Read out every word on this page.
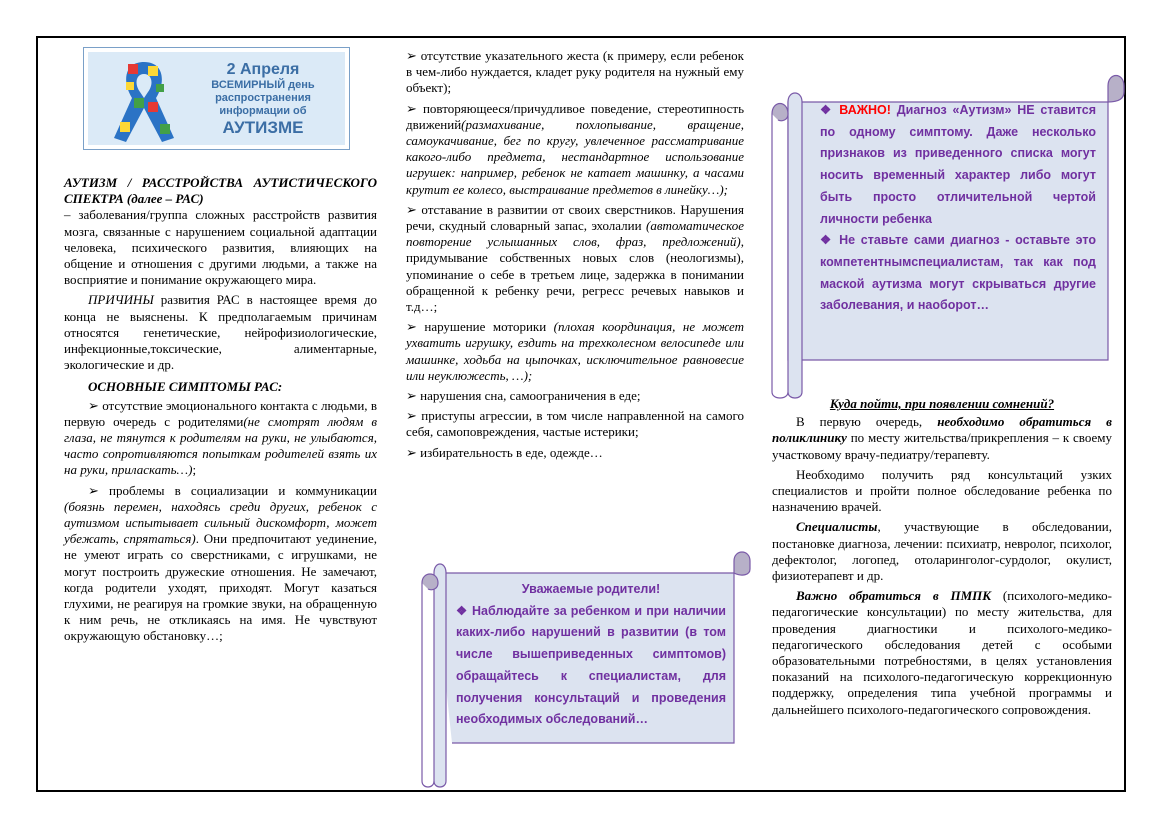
2 Апреля
ВСЕМИРНЫЙ день
распространения
информации об
АУТИЗМЕ

АУТИЗМ / РАССТРОЙСТВА АУТИСТИЧЕСКОГО СПЕКТРА (далее – РАС)– заболевания/группа сложных расстройств развития мозга, связанные с нарушением социальной адаптации человека, психического развития, влияющих на общение и отношения с другими людьми, а также на восприятие и понимание окружающего мира.

ПРИЧИНЫ развития РАС в настоящее время до конца не выяснены. К предполагаемым причинам относятся генетические, нейрофизиологические, инфекционные,токсические, алиментарные, экологические и др.

ОСНОВНЫЕ СИМПТОМЫ РАС:

➢ отсутствие эмоционального контакта с людьми, в первую очередь с родителями(не смотрят людям в глаза, не тянутся к родителям на руки, не улыбаются, часто сопротивляются попыткам родителей взять их на руки, приласкать…);

➢ проблемы в социализации и коммуникации (боязнь перемен, находясь среди других, ребенок с аутизмом испытывает сильный дискомфорт, может убежать, спрятаться). Они предпочитают уединение, не умеют играть со сверстниками, с игрушками, не могут построить дружеские отношения. Не замечают, когда родители уходят, приходят. Могут казаться глухими, не реагируя на громкие звуки, на обращенную к ним речь, не откликаясь на имя. Не чувствуют окружающую обстановку…;

➢ отсутствие указательного жеста (к примеру, если ребенок в чем-либо нуждается, кладет руку родителя на нужный ему объект);

➢ повторяющееся/причудливое поведение, стереотипность движений(размахивание, похлопывание, вращение, самоукачивание, бег по кругу, увлеченное рассматривание какого-либо предмета, нестандартное использование игрушек: например, ребенок не катает машинку, а часами крутит ее колесо, выстраивание предметов в линейку…);

➢ отставание в развитии от своих сверстников. Нарушения речи, скудный словарный запас, эхолалии (автоматическое повторение услышанных слов, фраз, предложений), придумывание собственных новых слов (неологизмы), упоминание о себе в третьем лице, задержка в понимании обращенной к ребенку речи, регресс речевых навыков и т.д…;

➢ нарушение моторики (плохая координация, не может ухватить игрушку, ездить на трехколесном велосипеде или машинке, ходьба на цыпочках, исключительное равновесие или неуклюжесть, …);

➢ нарушения сна, самоограничения в еде;

➢ приступы агрессии, в том числе направленной на самого себя, самоповреждения, частые истерики;

➢ избирательность в еде, одежде…

Уважаемые родители!
❖ Наблюдайте за ребенком и при наличии каких-либо нарушений в развитии (в том числе вышеприведенных симптомов) обращайтесь к специалистам, для получения консультаций и проведения необходимых обследований…
❖ ВАЖНО! Диагноз «Аутизм» НЕ ставится по одному симптому. Даже несколько признаков из приведенного списка могут носить временный характер либо могут быть просто отличительной чертой личности ребенка
❖ Не ставьте сами диагноз - оставьте это компетентнымспециалистам, так как под маской аутизма могут скрываться другие заболевания, и наоборот…
Куда пойти, при появлении сомнений?

В первую очередь, необходимо обратиться в поликлинику по месту жительства/прикрепления – к своему участковому врачу-педиатру/терапевту.

Необходимо получить ряд консультаций узких специалистов и пройти полное обследование ребенка по назначению врачей.

Специалисты, участвующие в обследовании, постановке диагноза, лечении: психиатр, невролог, психолог, дефектолог, логопед, отоларинголог-сурдолог, окулист, физиотерапевт и др.

Важно обратиться в ПМПК (психолого-медико-педагогические консультации) по месту жительства, для проведения диагностики и психолого-медико-педагогического обследования детей с особыми образовательными потребностями, в целях установления показаний на психолого-педагогическую коррекционную поддержку, определения типа учебной программы и дальнейшего психолого-педагогического сопровождения.
